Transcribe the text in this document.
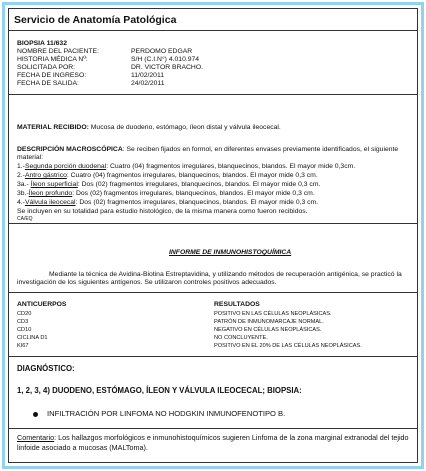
Servicio de Anatomía Patológica
BIOPSIA 11/632
NOMBRE DEL PACIENTE:	PERDOMO EDGAR
HISTORIA MÉDICA Nº:	S/H (C.I.N°) 4.010.974
SOLICITADA POR:	DR. VICTOR BRACHO.
FECHA DE INGRESO:	11/02/2011
FECHA DE SALIDA:	24/02/2011
MATERIAL RECIBIDO: Mucosa de duodeno, estómago, íleon distal y válvula ileocecal.
DESCRIPCIÓN MACROSCÓPICA: Se reciben fijados en formol, en diferentes envases previamente identificados, el siguiente material:
1.-Segunda porción duodenal: Cuatro (04) fragmentos irregulares, blanquecinos, blandos. El mayor mide 0,3cm.
2.-Antro gástrico: Cuatro (04) fragmentos irregulares, blanquecinos, blandos. El mayor mide 0,3 cm.
3a.- Íleon superficial: Dos (02) fragmentos irregulares, blanquecinos, blandos. El mayor mide 0,3 cm.
3b.-Íleon profundo: Dos (02) fragmentos irregulares, blanquecinos, blandos. El mayor mide 0,3 cm.
4.-Válvula ileocecal: Dos (02) fragmentos irregulares, blanquecinos, blandos. El mayor mide 0,3 cm.
Se incluyen en su totalidad para estudio histológico, de la misma manera como fueron recibidos.
CA/EQ
INFORME DE INMUNOHISTOQUÍMICA
Mediante la técnica de Avidina-Biotina Estreptavidina, y utilizando métodos de recuperación antigénica, se practicó la investigación de los siguientes antígenos. Se utilizaron controles positivos adecuados.
ANTICUERPOS	RESULTADOS
CD20	POSITIVO EN LAS CÉLULAS NEOPLÁSICAS.
CD3	PATRÓN DE INMUNOMARCAJE NORMAL.
CD10	NEGATIVO EN CÉLULAS NEOPLÁSICAS.
CICLINA D1	NO CONCLUYENTE.
KI67	POSITIVO EN EL 20% DE LAS CÉLULAS NEOPLÁSICAS.
DIAGNÓSTICO:
1, 2, 3, 4) DUODENO, ESTÓMAGO, ÍLEON Y VÁLVULA ILEOCECAL; BIOPSIA:
INFILTRACIÓN POR LINFOMA NO HODGKIN INMUNOFENOTIPO B.
Comentario: Los hallazgos morfológicos e inmunohistoquímicos sugieren Linfoma de la zona marginal extranodal del tejido linfoide asociado a mucosas (MALToma).
